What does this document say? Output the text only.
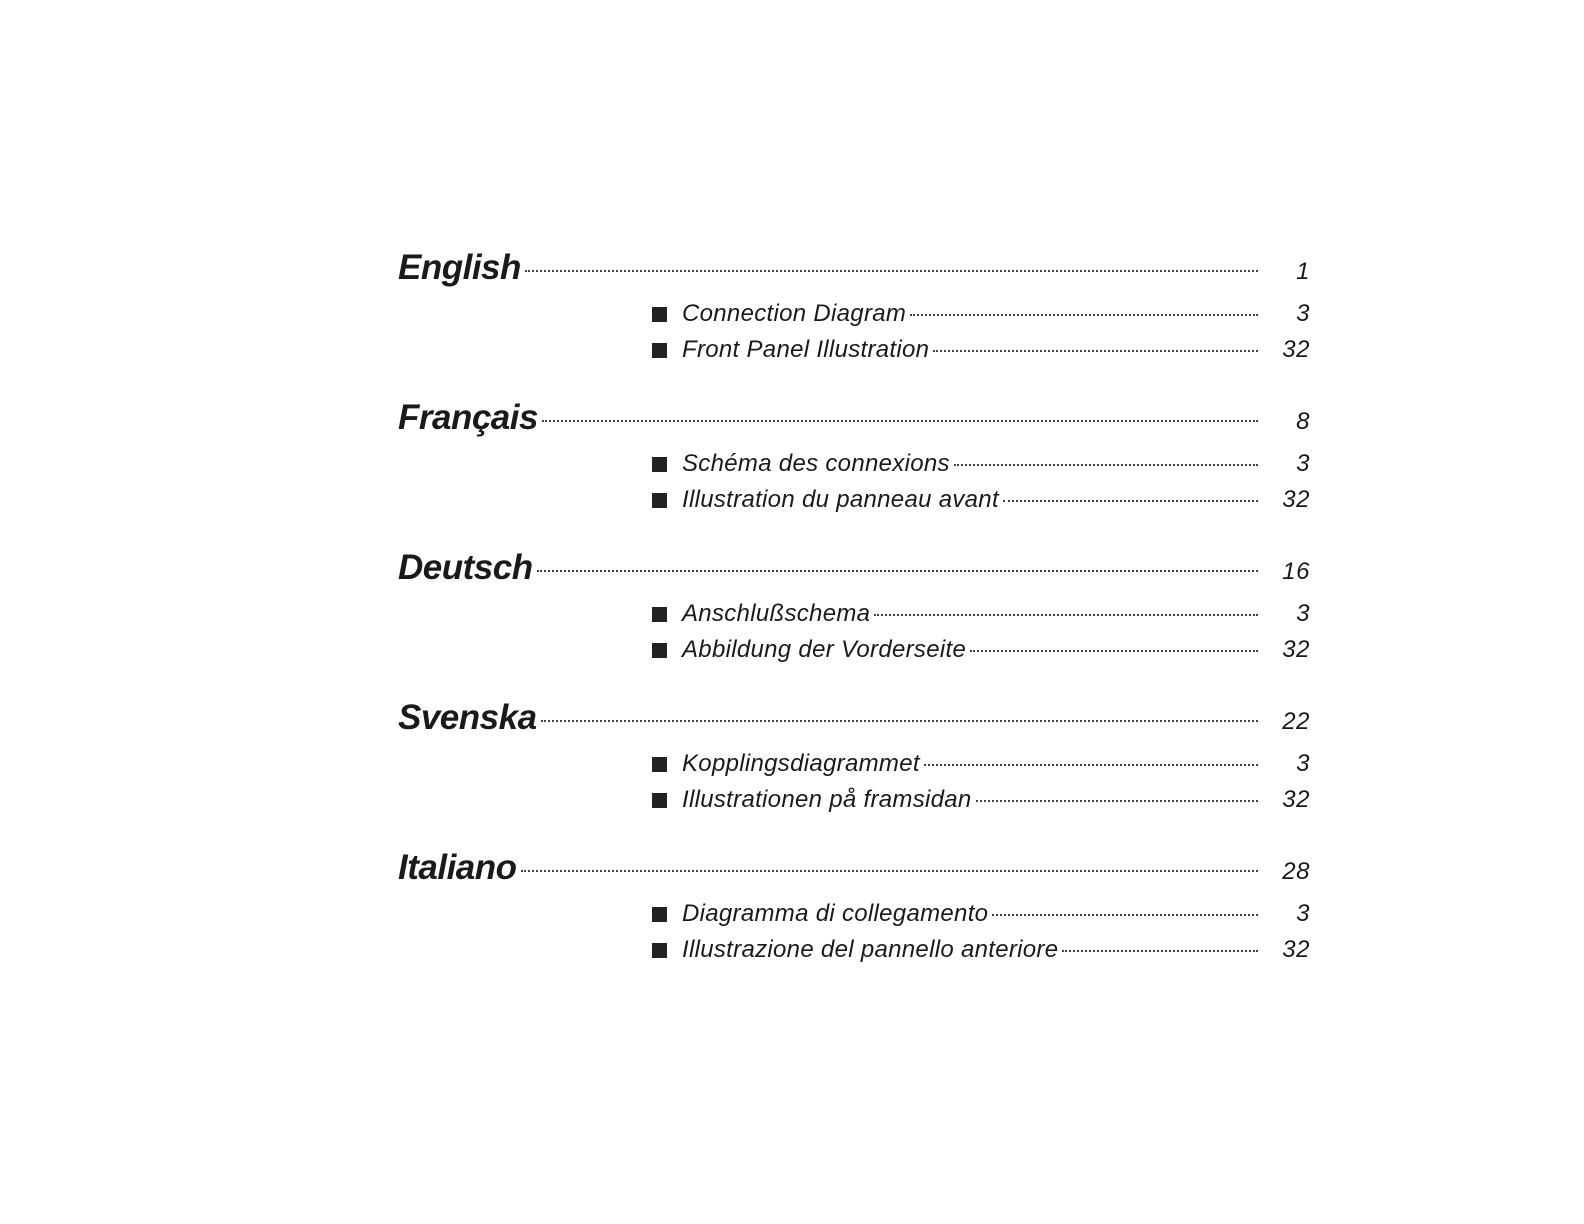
English	1
Connection Diagram	3
Front Panel Illustration	32
Français	8
Schéma des connexions	3
Illustration du panneau avant	32
Deutsch	16
Anschlußschema	3
Abbildung der Vorderseite	32
Svenska	22
Kopplingsdiagrammet	3
Illustrationen på framsidan	32
Italiano	28
Diagramma di collegamento	3
Illustrazione del pannello anteriore	32
